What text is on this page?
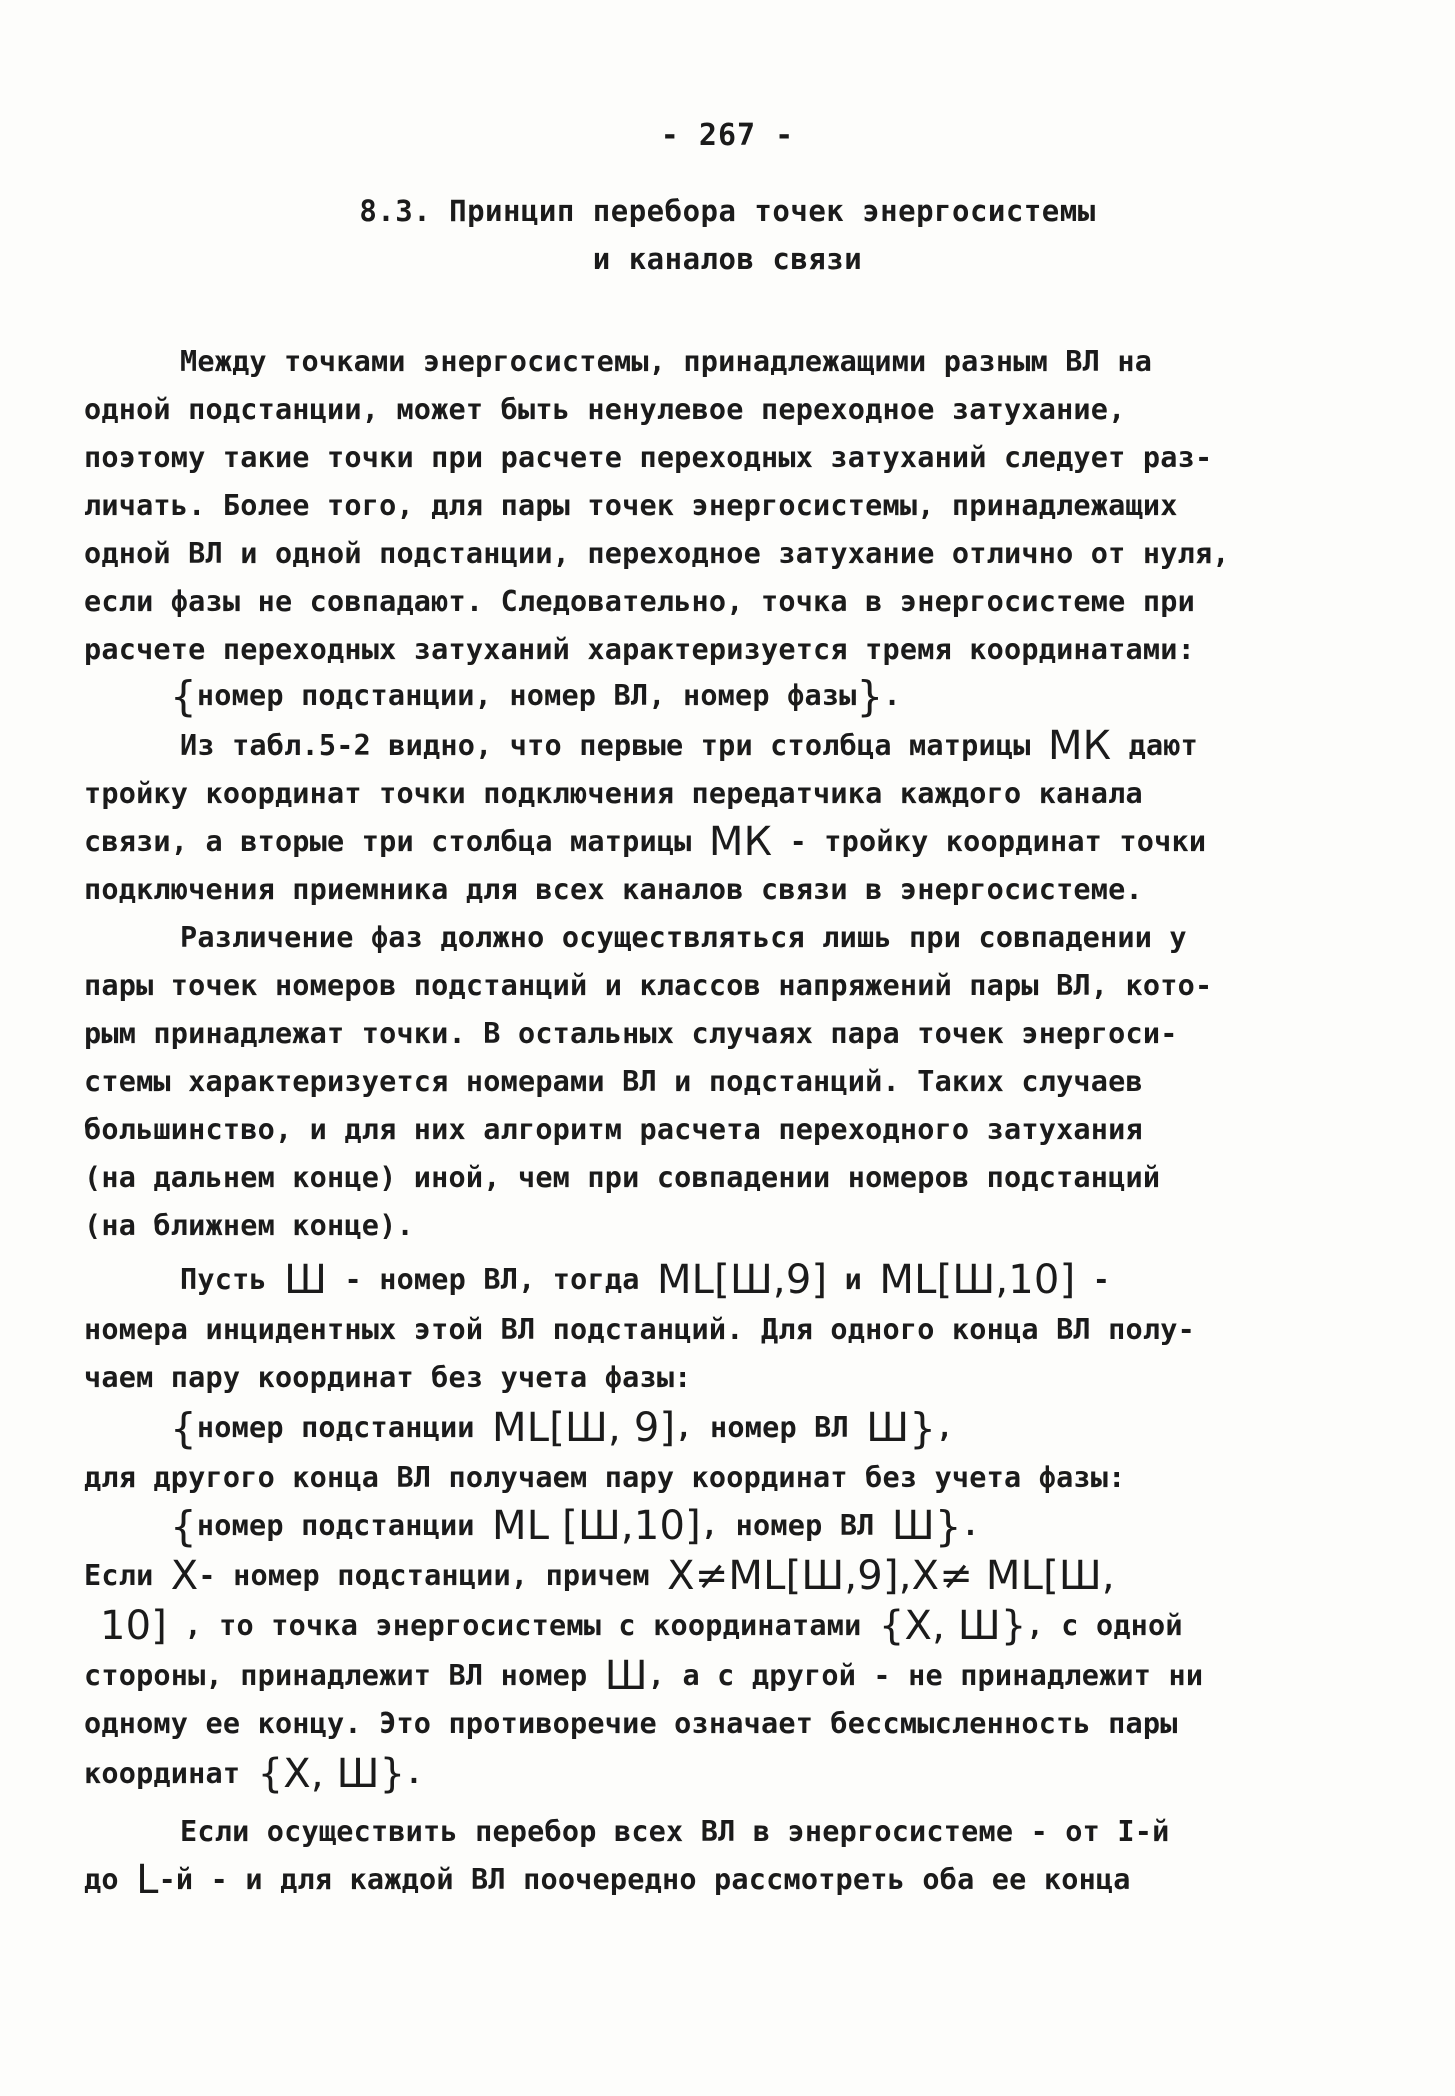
- 267 -
8.3. Принцип перебора точек энергосистемы
и каналов связи
Между точками энергосистемы, принадлежащими разным ВЛ на
одной подстанции, может быть ненулевое переходное затухание,
поэтому такие точки при расчете переходных затуханий следует раз-
личать. Более того, для пары точек энергосистемы, принадлежащих
одной ВЛ и одной подстанции, переходное затухание отлично от нуля,
если фазы не совпадают. Следовательно, точка в энергосистеме при
расчете переходных затуханий характеризуется тремя координатами:
{номер подстанции, номер ВЛ, номер фазы}.
Из табл.5-2 видно, что первые три столбца матрицы МК дают
тройку координат точки подключения передатчика каждого канала
связи, а вторые три столбца матрицы МК - тройку координат точки
подключения приемника для всех каналов связи в энергосистеме.
Различение фаз должно осуществляться лишь при совпадении у
пары точек номеров подстанций и классов напряжений пары ВЛ, кото-
рым принадлежат точки. В остальных случаях пара точек энергоси-
стемы характеризуется номерами ВЛ и подстанций. Таких случаев
большинство, и для них алгоритм расчета переходного затухания
(на дальнем конце) иной, чем при совпадении номеров подстанций
(на ближнем конце).
Пусть Ш - номер ВЛ, тогда ML[Ш,9] и ML[Ш,10] -
номера инцидентных этой ВЛ подстанций. Для одного конца ВЛ полу-
чаем пару координат без учета фазы:
{номер подстанции ML[Ш, 9], номер ВЛ Ш},
для другого конца ВЛ получаем пару координат без учета фазы:
{номер подстанции ML [Ш,10], номер ВЛ Ш}.
Если X- номер подстанции, причем X≠ML[Ш,9],X≠ ML[Ш,
10] , то точка энергосистемы с координатами {X, Ш}, с одной
стороны, принадлежит ВЛ номер Ш, а с другой - не принадлежит ни
одному ее концу. Это противоречие означает бессмысленность пары
координат {X, Ш}.
Если осуществить перебор всех ВЛ в энергосистеме - от I-й
до L-й - и для каждой ВЛ поочередно рассмотреть оба ее конца
